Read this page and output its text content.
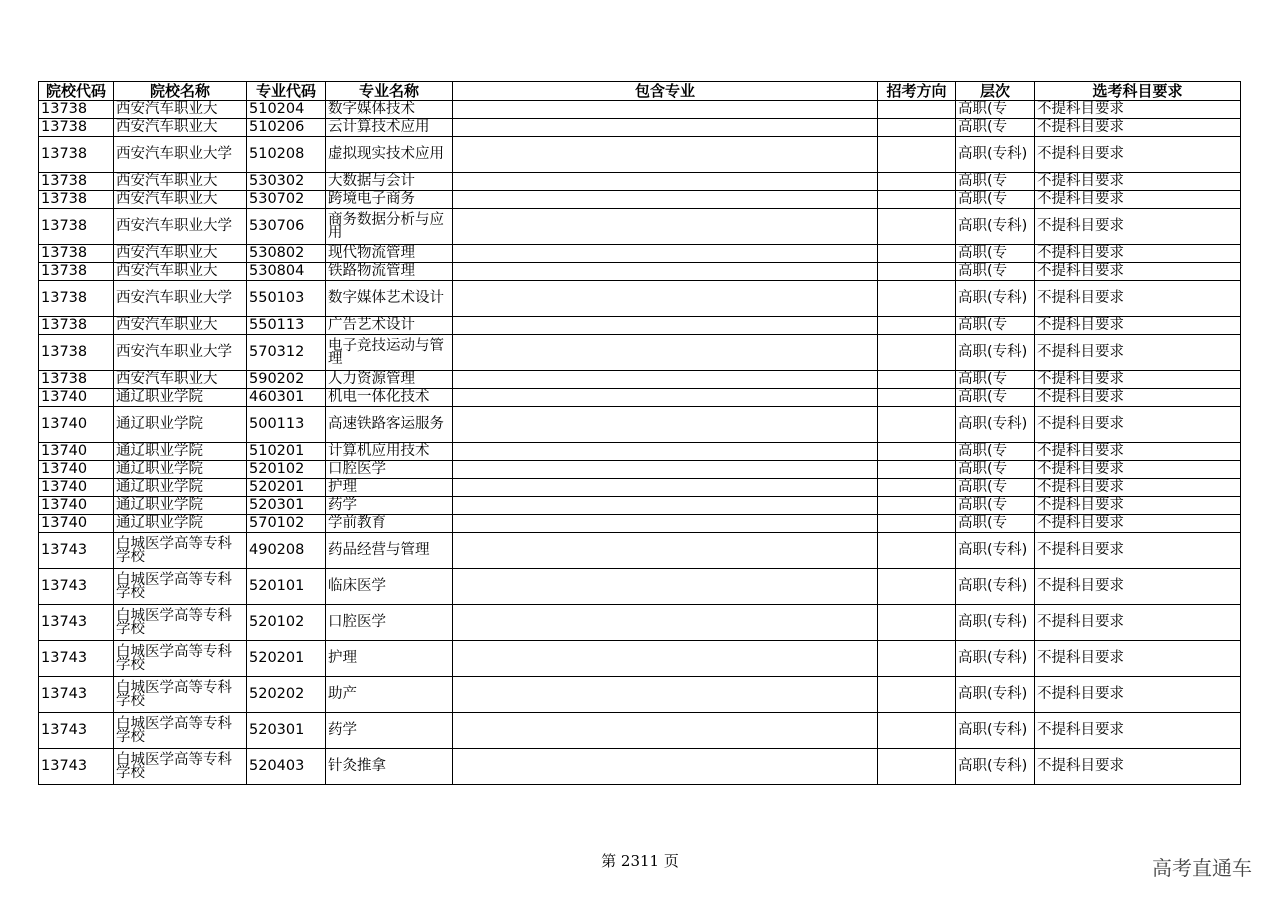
院校代码	院校名称	专业代码	专业名称	包含专业	招考方向	层次	选考科目要求
13738	西安汽车职业大	510204	数字媒体技术			高职(专	不提科目要求
13738	西安汽车职业大	510206	云计算技术应用			高职(专	不提科目要求
13738	西安汽车职业大学	510208	虚拟现实技术应用			高职(专科)	不提科目要求
13738	西安汽车职业大	530302	大数据与会计			高职(专	不提科目要求
13738	西安汽车职业大	530702	跨境电子商务			高职(专	不提科目要求
13738	西安汽车职业大学	530706	商务数据分析与应用			高职(专科)	不提科目要求
13738	西安汽车职业大	530802	现代物流管理			高职(专	不提科目要求
13738	西安汽车职业大	530804	铁路物流管理			高职(专	不提科目要求
13738	西安汽车职业大学	550103	数字媒体艺术设计			高职(专科)	不提科目要求
13738	西安汽车职业大	550113	广告艺术设计			高职(专	不提科目要求
13738	西安汽车职业大学	570312	电子竞技运动与管理			高职(专科)	不提科目要求
13738	西安汽车职业大	590202	人力资源管理			高职(专	不提科目要求
13740	通辽职业学院	460301	机电一体化技术			高职(专	不提科目要求
13740	通辽职业学院	500113	高速铁路客运服务			高职(专科)	不提科目要求
13740	通辽职业学院	510201	计算机应用技术			高职(专	不提科目要求
13740	通辽职业学院	520102	口腔医学			高职(专	不提科目要求
13740	通辽职业学院	520201	护理			高职(专	不提科目要求
13740	通辽职业学院	520301	药学			高职(专	不提科目要求
13740	通辽职业学院	570102	学前教育			高职(专	不提科目要求
13743	白城医学高等专科学校	490208	药品经营与管理			高职(专科)	不提科目要求
13743	白城医学高等专科学校	520101	临床医学			高职(专科)	不提科目要求
13743	白城医学高等专科学校	520102	口腔医学			高职(专科)	不提科目要求
13743	白城医学高等专科学校	520201	护理			高职(专科)	不提科目要求
13743	白城医学高等专科学校	520202	助产			高职(专科)	不提科目要求
13743	白城医学高等专科学校	520301	药学			高职(专科)	不提科目要求
13743	白城医学高等专科学校	520403	针灸推拿			高职(专科)	不提科目要求
第 2311 页	高考直通车
